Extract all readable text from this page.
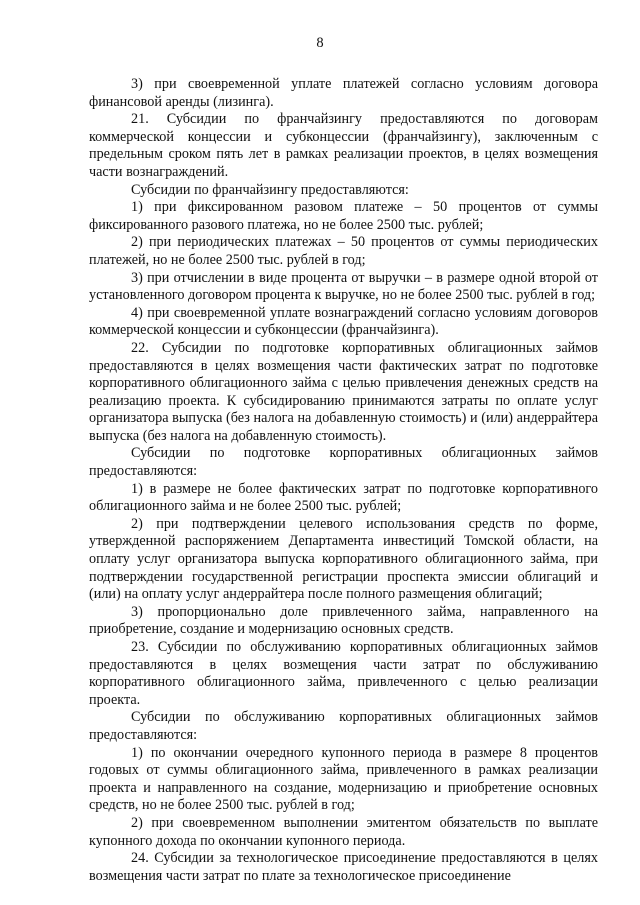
8

3) при своевременной уплате платежей согласно условиям договора финансовой аренды (лизинга).

21. Субсидии по франчайзингу предоставляются по договорам коммерческой концессии и субконцессии (франчайзингу), заключенным с предельным сроком пять лет в рамках реализации проектов, в целях возмещения части вознаграждений.

Субсидии по франчайзингу предоставляются:

1) при фиксированном разовом платеже – 50 процентов от суммы фиксированного разового платежа, но не более 2500 тыс. рублей;

2) при периодических платежах – 50 процентов от суммы периодических платежей, но не более 2500 тыс. рублей в год;

3) при отчислении в виде процента от выручки – в размере одной второй от установленного договором процента к выручке, но не более 2500 тыс. рублей в год;

4) при своевременной уплате вознаграждений согласно условиям договоров коммерческой концессии и субконцессии (франчайзинга).

22. Субсидии по подготовке корпоративных облигационных займов предоставляются в целях возмещения части фактических затрат по подготовке корпоративного облигационного займа с целью привлечения денежных средств на реализацию проекта. К субсидированию принимаются затраты по оплате услуг организатора выпуска (без налога на добавленную стоимость) и (или) андеррайтера выпуска (без налога на добавленную стоимость).

Субсидии по подготовке корпоративных облигационных займов предоставляются:

1) в размере не более фактических затрат по подготовке корпоративного облигационного займа и не более 2500 тыс. рублей;

2) при подтверждении целевого использования средств по форме, утвержденной распоряжением Департамента инвестиций Томской области, на оплату услуг организатора выпуска корпоративного облигационного займа, при подтверждении государственной регистрации проспекта эмиссии облигаций и (или) на оплату услуг андеррайтера после полного размещения облигаций;

3) пропорционально доле привлеченного займа, направленного на приобретение, создание и модернизацию основных средств.

23. Субсидии по обслуживанию корпоративных облигационных займов предоставляются в целях возмещения части затрат по обслуживанию корпоративного облигационного займа, привлеченного с целью реализации проекта.

Субсидии по обслуживанию корпоративных облигационных займов предоставляются:

1) по окончании очередного купонного периода в размере 8 процентов годовых от суммы облигационного займа, привлеченного в рамках реализации проекта и направленного на создание, модернизацию и приобретение основных средств, но не более 2500 тыс. рублей в год;

2) при своевременном выполнении эмитентом обязательств по выплате купонного дохода по окончании купонного периода.

24. Субсидии за технологическое присоединение предоставляются в целях возмещения части затрат по плате за технологическое присоединение
